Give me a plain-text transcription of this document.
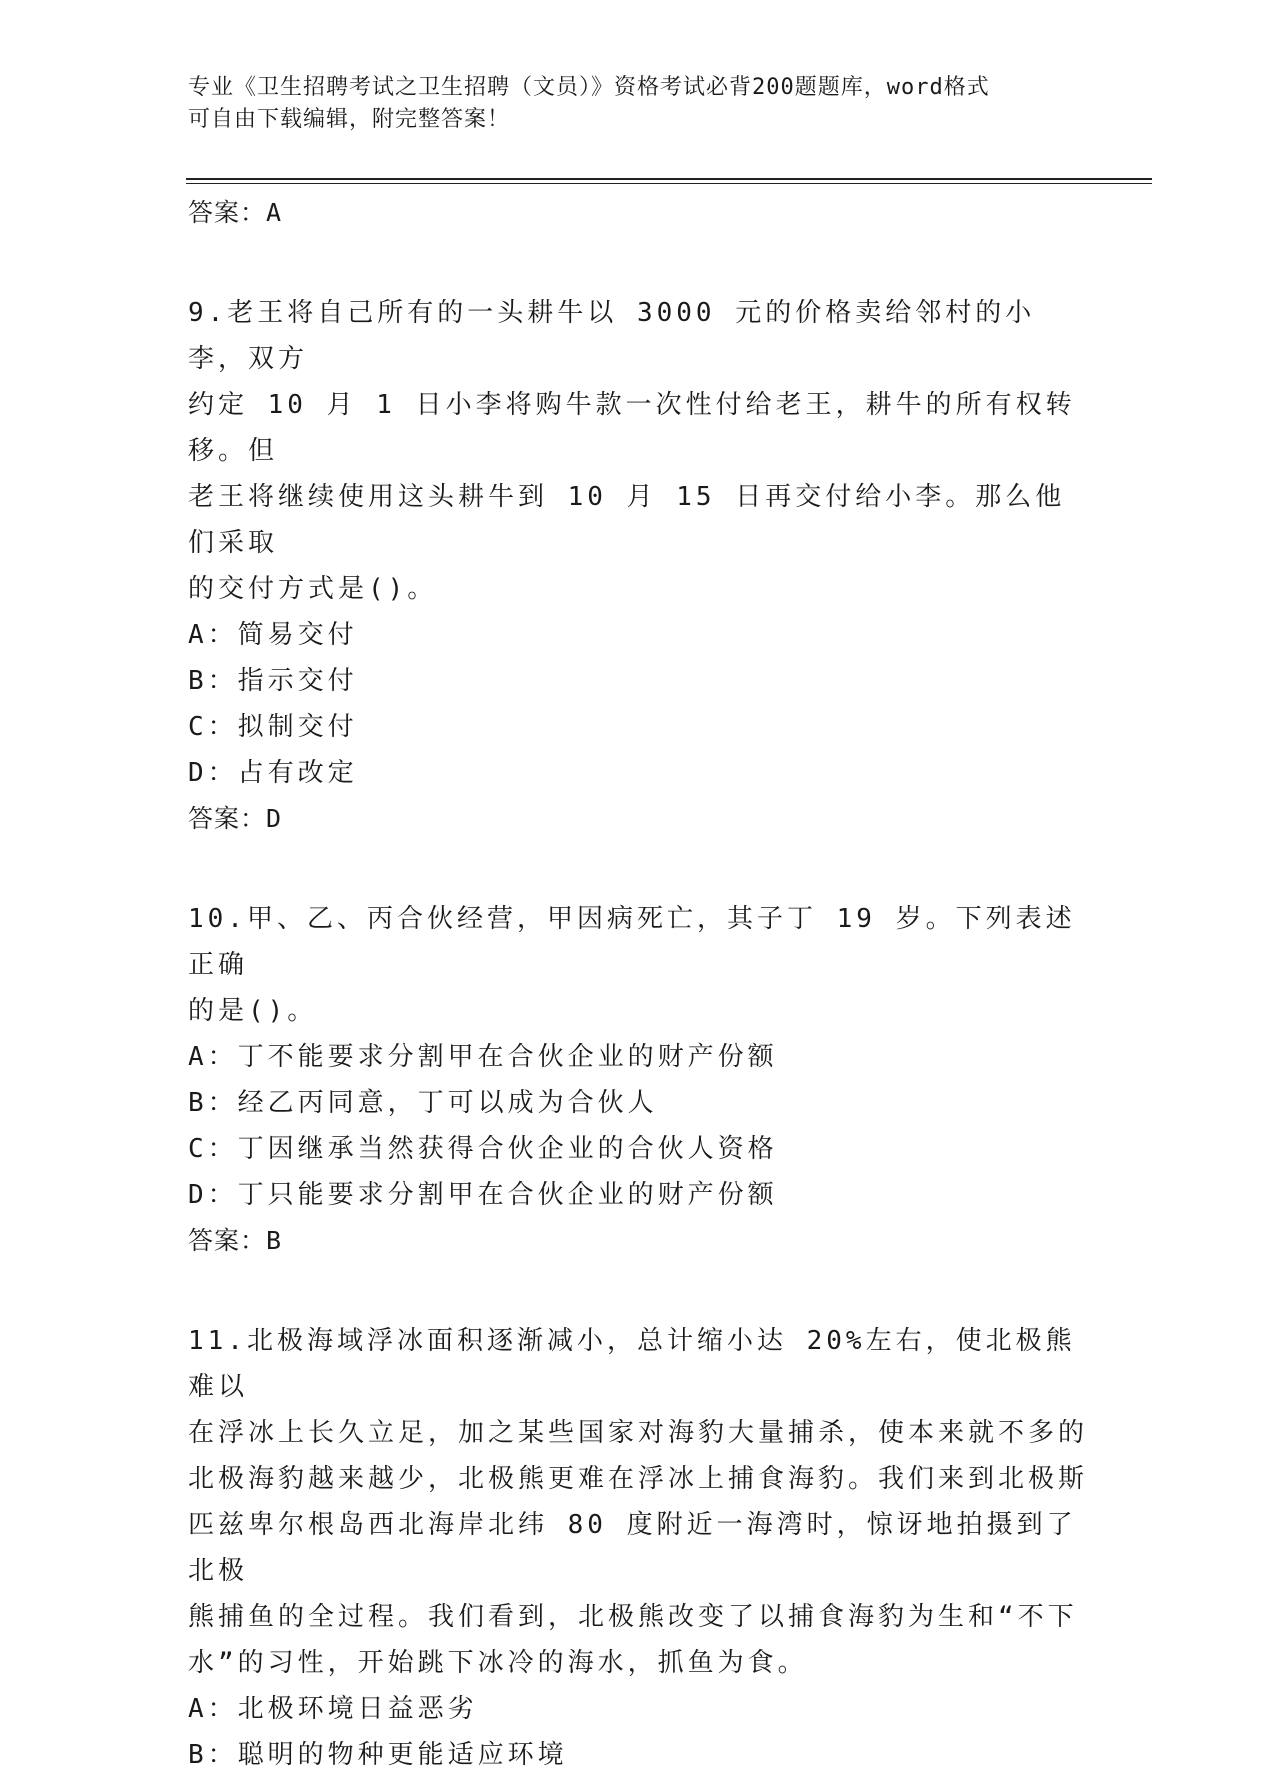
专业《卫生招聘考试之卫生招聘（文员）》资格考试必背200题题库，word格式
可自由下载编辑，附完整答案！
答案：A
9.老王将自己所有的一头耕牛以 3000 元的价格卖给邻村的小李，双方
约定 10 月 1 日小李将购牛款一次性付给老王，耕牛的所有权转移。但
老王将继续使用这头耕牛到 10 月 15 日再交付给小李。那么他们采取
的交付方式是()。
A：简易交付
B：指示交付
C：拟制交付
D：占有改定
答案：D
10.甲、乙、丙合伙经营，甲因病死亡，其子丁 19 岁。下列表述正确
的是()。
A：丁不能要求分割甲在合伙企业的财产份额
B：经乙丙同意，丁可以成为合伙人
C：丁因继承当然获得合伙企业的合伙人资格
D：丁只能要求分割甲在合伙企业的财产份额
答案：B
11.北极海域浮冰面积逐渐减小，总计缩小达 20%左右，使北极熊难以
在浮冰上长久立足，加之某些国家对海豹大量捕杀，使本来就不多的
北极海豹越来越少，北极熊更难在浮冰上捕食海豹。我们来到北极斯
匹兹卑尔根岛西北海岸北纬 80 度附近一海湾时，惊讶地拍摄到了北极
熊捕鱼的全过程。我们看到，北极熊改变了以捕食海豹为生和“不下
水”的习性，开始跳下冰冷的海水，抓鱼为食。
A：北极环境日益恶劣
B：聪明的物种更能适应环境
